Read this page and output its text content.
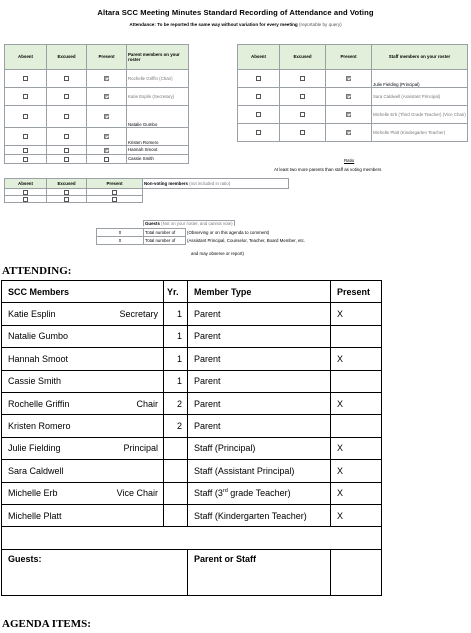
Altara SCC Meeting Minutes Standard Recording of Attendance and Voting
Attendance: To be reported the same way without variation for every meeting (reportable by query)
Absent	Excused	Present	Parent members on your roster
			Rochelle Griffin (Chair)
			Katie Esplin (Secretary)
			Natalie Gumbo
			Kristen Romero
			Hannah Smoot
			Cassie Smith
Absent	Excused	Present	Staff members on your roster
			Julie Fielding (Principal)
			Sara Caldwell (Assistant Principal)
			Michelle Erb (Third Grade Teacher) (Vice Chair)
			Michelle Platt (Kindergarten Teacher)
Ratio
At least two more parents than staff as voting members
Absent	Excused	Present	Non-voting members (not included in ratio)

Guests (Not on your roster, and cannot vote)
0	Total number of	(Observing or on this agenda to comment)
0	Total number of	(Assistant Principal, Counselor, Teacher, Board Member, etc.
and may observe or report)
ATTENDING:
SCC Members	Yr.	Member Type	Present

Katie Esplin Secretary	1	Parent	X

Natalie Gumbo	1	Parent	

Hannah Smoot	1	Parent	X

Cassie Smith	1	Parent	

Rochelle Griffin Chair	2	Parent	X

Kristen Romero	2	Parent	

Julie Fielding Principal		Staff (Principal)	X

Sara Caldwell		Staff (Assistant Principal)	X

Michelle Erb Vice Chair		Staff (3rd grade Teacher)	X

Michelle Platt		Staff (Kindergarten Teacher)	X

Guests:		Parent or Staff	
AGENDA ITEMS:
